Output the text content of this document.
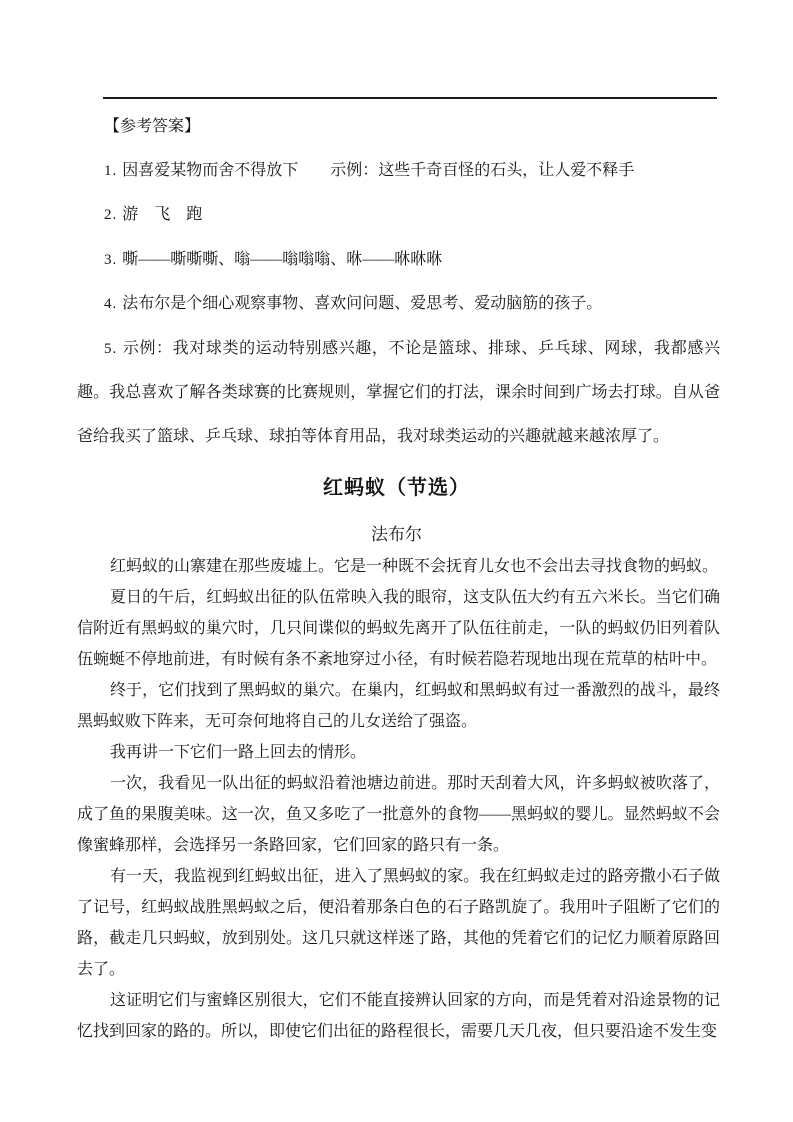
【参考答案】

1. 因喜爱某物而舍不得放下　　示例：这些千奇百怪的石头，让人爱不释手

2. 游　飞　跑

3. 嘶——嘶嘶嘶、嗡——嗡嗡嗡、咻——咻咻咻

4. 法布尔是个细心观察事物、喜欢问问题、爱思考、爱动脑筋的孩子。

5. 示例：我对球类的运动特别感兴趣，不论是篮球、排球、乒乓球、网球，我都感兴趣。我总喜欢了解各类球赛的比赛规则，掌握它们的打法，课余时间到广场去打球。自从爸爸给我买了篮球、乒乓球、球拍等体育用品，我对球类运动的兴趣就越来越浓厚了。

红蚂蚁（节选）

法布尔

红蚂蚁的山寨建在那些废墟上。它是一种既不会抚育儿女也不会出去寻找食物的蚂蚁。

夏日的午后，红蚂蚁出征的队伍常映入我的眼帘，这支队伍大约有五六米长。当它们确信附近有黑蚂蚁的巢穴时，几只间谍似的蚂蚁先离开了队伍往前走，一队的蚂蚁仍旧列着队伍蜿蜒不停地前进，有时候有条不紊地穿过小径，有时候若隐若现地出现在荒草的枯叶中。

终于，它们找到了黑蚂蚁的巢穴。在巢内，红蚂蚁和黑蚂蚁有过一番激烈的战斗，最终黑蚂蚁败下阵来，无可奈何地将自己的儿女送给了强盗。

我再讲一下它们一路上回去的情形。

一次，我看见一队出征的蚂蚁沿着池塘边前进。那时天刮着大风，许多蚂蚁被吹落了，成了鱼的果腹美味。这一次，鱼又多吃了一批意外的食物——黑蚂蚁的婴儿。显然蚂蚁不会像蜜蜂那样，会选择另一条路回家，它们回家的路只有一条。

有一天，我监视到红蚂蚁出征，进入了黑蚂蚁的家。我在红蚂蚁走过的路旁撒小石子做了记号，红蚂蚁战胜黑蚂蚁之后，便沿着那条白色的石子路凯旋了。我用叶子阻断了它们的路，截走几只蚂蚁，放到别处。这几只就这样迷了路，其他的凭着它们的记忆力顺着原路回去了。

这证明它们与蜜蜂区别很大，它们不能直接辨认回家的方向，而是凭着对沿途景物的记忆找到回家的路的。所以，即使它们出征的路程很长，需要几天几夜，但只要沿途不发生变
